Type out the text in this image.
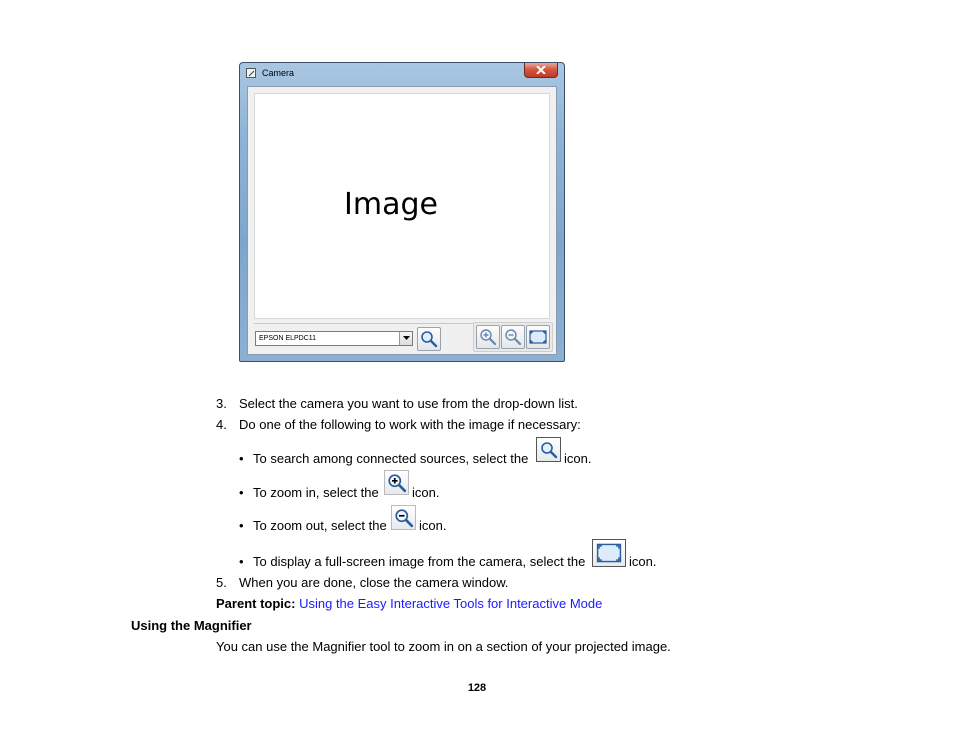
Camera
Image
EPSON ELPDC11
3. Select the camera you want to use from the drop-down list.
4. Do one of the following to work with the image if necessary:
• To search among connected sources, select the	icon.
• To zoom in, select the	icon.
• To zoom out, select the icon.
• To display a full-screen image from the camera, select the	icon.
5. When you are done, close the camera window.
Parent topic: Using the Easy Interactive Tools for Interactive Mode
Using the Magnifier
You can use the Magnifier tool to zoom in on a section of your projected image.
128
